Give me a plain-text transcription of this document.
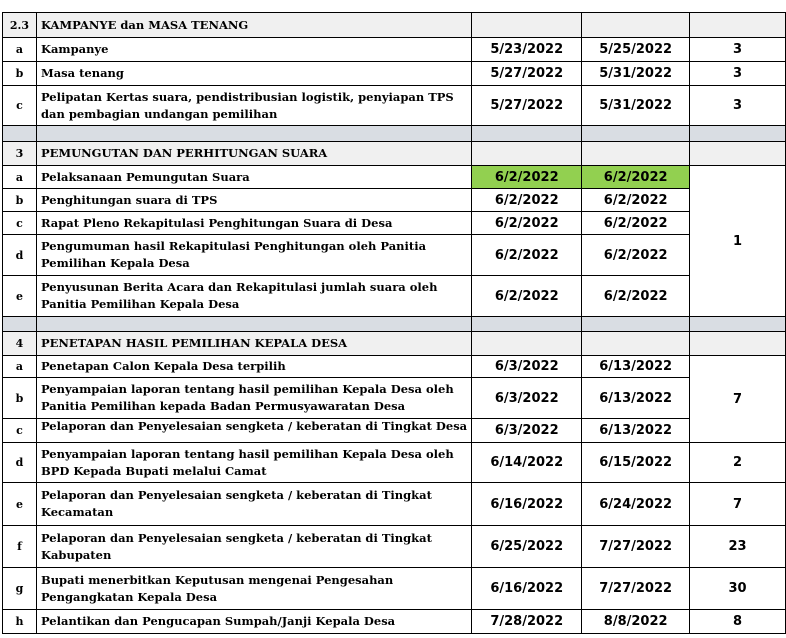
2.3	KAMPANYE dan MASA TENANG			
a	Kampanye	5/23/2022	5/25/2022	3
b	Masa tenang	5/27/2022	5/31/2022	3
c	Pelipatan Kertas suara, pendistribusian logistik, penyiapan TPS dan pembagian undangan pemilihan	5/27/2022	5/31/2022	3

3	PEMUNGUTAN DAN PERHITUNGAN SUARA			
a	Pelaksanaan Pemungutan Suara	6/2/2022	6/2/2022	1
b	Penghitungan suara di TPS	6/2/2022	6/2/2022	
c	Rapat Pleno Rekapitulasi Penghitungan Suara di Desa	6/2/2022	6/2/2022	
d	Pengumuman hasil Rekapitulasi Penghitungan oleh Panitia Pemilihan Kepala Desa	6/2/2022	6/2/2022	
e	Penyusunan Berita Acara dan Rekapitulasi jumlah suara oleh Panitia Pemilihan Kepala Desa	6/2/2022	6/2/2022	

4	PENETAPAN HASIL PEMILIHAN KEPALA DESA			
a	Penetapan Calon Kepala Desa terpilih	6/3/2022	6/13/2022	7
b	Penyampaian laporan tentang hasil pemilihan Kepala Desa oleh Panitia Pemilihan kepada Badan Permusyawaratan Desa	6/3/2022	6/13/2022	
c	Pelaporan dan Penyelesaian sengketa / keberatan di Tingkat Desa	6/3/2022	6/13/2022	
d	Penyampaian laporan tentang hasil pemilihan Kepala Desa oleh BPD Kepada Bupati melalui Camat	6/14/2022	6/15/2022	2
e	Pelaporan dan Penyelesaian sengketa / keberatan di Tingkat Kecamatan	6/16/2022	6/24/2022	7
f	Pelaporan dan Penyelesaian sengketa / keberatan di Tingkat Kabupaten	6/25/2022	7/27/2022	23
g	Bupati menerbitkan Keputusan mengenai Pengesahan Pengangkatan Kepala Desa	6/16/2022	7/27/2022	30
h	Pelantikan dan Pengucapan Sumpah/Janji Kepala Desa	7/28/2022	8/8/2022	8
